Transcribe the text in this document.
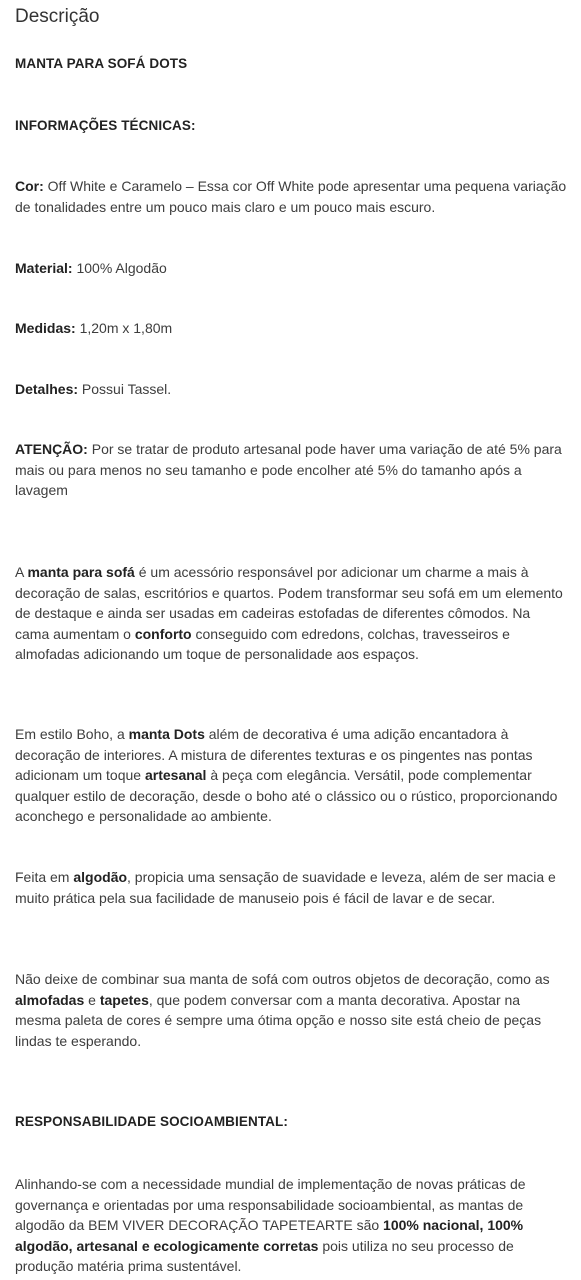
Descrição

MANTA PARA SOFÁ DOTS

INFORMAÇÕES TÉCNICAS:

Cor: Off White e Caramelo – Essa cor Off White pode apresentar uma pequena variação de tonalidades entre um pouco mais claro e um pouco mais escuro.

Material: 100% Algodão

Medidas: 1,20m x 1,80m

Detalhes: Possui Tassel.

ATENÇÃO: Por se tratar de produto artesanal pode haver uma variação de até 5% para mais ou para menos no seu tamanho e pode encolher até 5% do tamanho após a lavagem

A manta para sofá é um acessório responsável por adicionar um charme a mais à decoração de salas, escritórios e quartos. Podem transformar seu sofá em um elemento de destaque e ainda ser usadas em cadeiras estofadas de diferentes cômodos. Na cama aumentam o conforto conseguido com edredons, colchas, travesseiros e almofadas adicionando um toque de personalidade aos espaços.

Em estilo Boho, a manta Dots além de decorativa é uma adição encantadora à decoração de interiores. A mistura de diferentes texturas e os pingentes nas pontas adicionam um toque artesanal à peça com elegância. Versátil, pode complementar qualquer estilo de decoração, desde o boho até o clássico ou o rústico, proporcionando aconchego e personalidade ao ambiente.

Feita em algodão, propicia uma sensação de suavidade e leveza, além de ser macia e muito prática pela sua facilidade de manuseio pois é fácil de lavar e de secar.

Não deixe de combinar sua manta de sofá com outros objetos de decoração, como as almofadas e tapetes, que podem conversar com a manta decorativa. Apostar na mesma paleta de cores é sempre uma ótima opção e nosso site está cheio de peças lindas te esperando.

RESPONSABILIDADE SOCIOAMBIENTAL:

Alinhando-se com a necessidade mundial de implementação de novas práticas de governança e orientadas por uma responsabilidade socioambiental, as mantas de algodão da BEM VIVER DECORAÇÃO TAPETEARTE são 100% nacional, 100% algodão, artesanal e ecologicamente corretas pois utiliza no seu processo de produção matéria prima sustentável.
